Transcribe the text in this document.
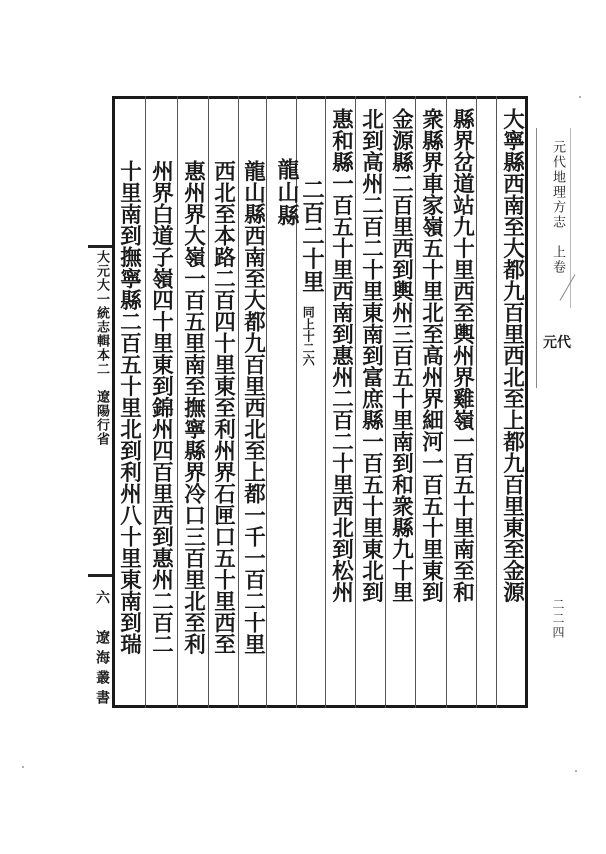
大寧縣西南至大都九百里西北至上都九百里東至金源
縣界岔道站九十里西至輿州界雞嶺一百五十里南至和
衆縣界車家嶺五十里北至高州界細河一百五十里東到
金源縣二百里西到輿州三百五十里南到和衆縣九十里
北到高州二百二十里東南到富庶縣一百五十里東北到
惠和縣一百五十里西南到惠州二百二十里西北到松州
二百二十里
同上十二六
龍山縣
龍山縣西南至大都九百里西北至上都一千一百二十里
西北至本路二百四十里東至利州界石匣口五十里西至
惠州界大嶺一百五里南至撫寧縣界冷口三百里北至利
州界白道子嶺四十里東到錦州四百里西到惠州二百二
十里南到撫寧縣二百五十里北到利州八十里東南到瑞
大元大一統志輯本二　遼陽行省
六　遼海叢書
元代地理方志　上卷
元代
二二四
